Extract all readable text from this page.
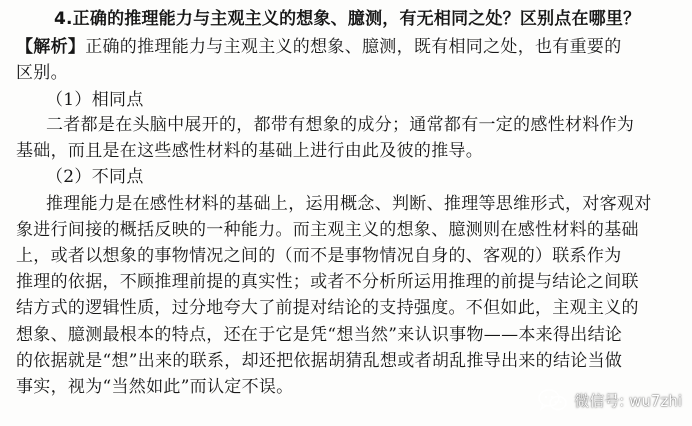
4.正确的推理能力与主观主义的想象、臆测，有无相同之处？区别点在哪里？
【解析】正确的推理能力与主观主义的想象、臆测，既有相同之处，也有重要的
区别。
（1）相同点
二者都是在头脑中展开的，都带有想象的成分；通常都有一定的感性材料作为
基础，而且是在这些感性材料的基础上进行由此及彼的推导。
（2）不同点
推理能力是在感性材料的基础上，运用概念、判断、推理等思维形式，对客观对
象进行间接的概括反映的一种能力。而主观主义的想象、臆测则在感性材料的基础
上，或者以想象的事物情况之间的（而不是事物情况自身的、客观的）联系作为
推理的依据，不顾推理前提的真实性；或者不分析所运用推理的前提与结论之间联
结方式的逻辑性质，过分地夸大了前提对结论的支持强度。不但如此，主观主义的
想象、臆测最根本的特点，还在于它是凭“想当然”来认识事物——本来得出结论
的依据就是“想”出来的联系，却还把依据胡猜乱想或者胡乱推导出来的结论当做
事实，视为“当然如此”而认定不误。
微信号: wu7zhi
